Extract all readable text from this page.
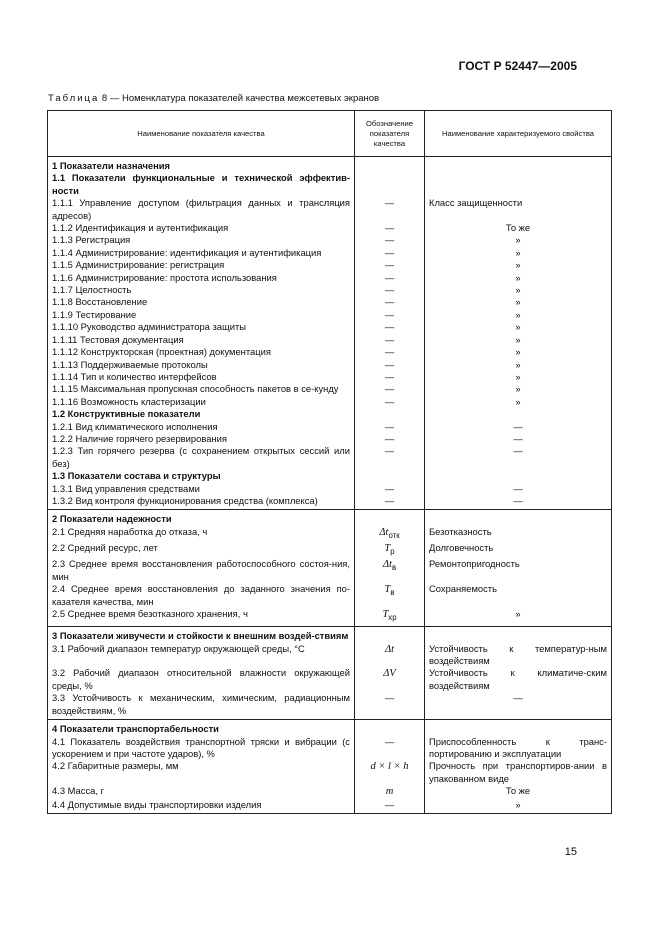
ГОСТ Р 52447—2005
Таблица 8 — Номенклатура показателей качества межсетевых экранов
Наименование показателя качества	Обозначение показателя качества	Наименование характеризуемого свойства
1 Показатели назначения		
1.1 Показатели функциональные и технической эффектив-ности		
1.1.1 Управление доступом (фильтрация данных и трансляция адресов)	—	Класс защищенности
1.1.2 Идентификация и аутентификация	—	То же
1.1.3 Регистрация	—	»
1.1.4 Администрирование: идентификация и аутентификация	—	»
1.1.5 Администрирование: регистрация	—	»
1.1.6 Администрирование: простота использования	—	»
1.1.7 Целостность	—	»
1.1.8 Восстановление	—	»
1.1.9 Тестирование	—	»
1.1.10 Руководство администратора защиты	—	»
1.1.11 Тестовая документация	—	»
1.1.12 Конструкторская (проектная) документация	—	»
1.1.13 Поддерживаемые протоколы	—	»
1.1.14 Тип и количество интерфейсов	—	»
1.1.15 Максимальная пропускная способность пакетов в се-кунду	—	»
1.1.16 Возможность кластеризации	—	»
1.2 Конструктивные показатели		
1.2.1 Вид климатического исполнения	—	—
1.2.2 Наличие горячего резервирования	—	—
1.2.3 Тип горячего резерва (с сохранением открытых сессий или без)	—	—
1.3 Показатели состава и структуры		
1.3.1 Вид управления средствами	—	—
1.3.2 Вид контроля функционирования средства (комплекса)	—	—
2 Показатели надежности		
2.1 Средняя наработка до отказа, ч	$\Delta t_{отк}$	Безотказность
2.2 Средний ресурс, лет	$T_р$	Долговечность
2.3 Среднее время восстановления работоспособного состоя-ния, мин	$\Delta t_в$	Ремонтопригодность
2.4 Среднее время восстановления до заданного значения по-казателя качества, мин	$T_в$	Сохраняемость
2.5 Среднее время безотказного хранения, ч	$T_{хр}$	»
3 Показатели живучести и стойкости к внешним воздей-ствиям		
3.1 Рабочий диапазон температур окружающей среды, °С	Δt	Устойчивость к температур-ным воздействиям
3.2 Рабочий диапазон относительной влажности окружающей среды, %	ΔV	Устойчивость к климатиче-ским воздействиям
3.3 Устойчивость к механическим, химическим, радиационным воздействиям, %	—	—
4 Показатели транспортабельности		
4.1 Показатель воздействия транспортной тряски и вибрации (с ускорением и при частоте ударов), %	—	Приспособленность к транс-портированию и эксплуатации
4.2 Габаритные размеры, мм	d × l × h	Прочность при транспортиров-ании в упакованном виде
4.3 Масса, г	m	То же
4.4 Допустимые виды транспортировки изделия	—	»
15
